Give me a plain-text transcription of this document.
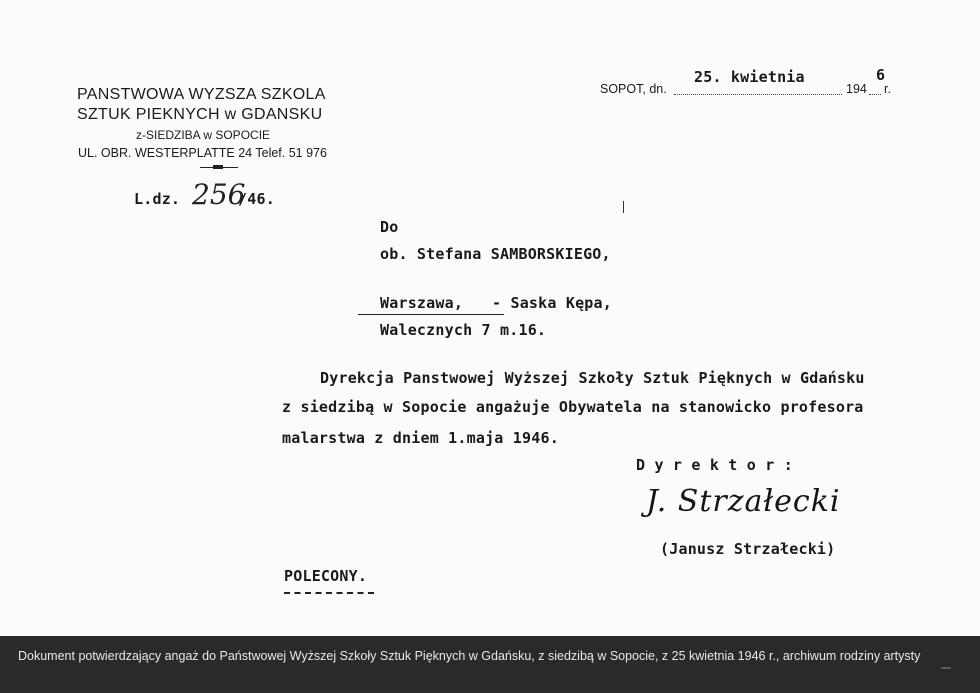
PANSTWOWA WYZSZA SZKOLA
SZTUK PIEKNYCH w GDANSKU
z-SIEDZIBA w SOPOCIE
UL. OBR. WESTERPLATTE 24 Telef. 51 976
SOPOT, dn.
25. kwietnia
194
6
r.
L.dz. 256
/46.
Do
ob. Stefana SAMBORSKIEGO,
Warszawa, - Saska Kępa,
Walecznych 7 m.16.
Dyrekcja Panstwowej Wyższej Szkoły Sztuk Pięknych w Gdańsku
z siedzibą w Sopocie angażuje Obywatela na stanowicko profesora
malarstwa z dniem 1.maja 1946.
D y r e k t o r :
J. Strzałecki
(Janusz Strzałecki)
POLECONY.
Dokument potwierdzający angaż do Państwowej Wyższej Szkoły Sztuk Pięknych w Gdańsku, z siedzibą w Sopocie, z 25 kwietnia 1946 r., archiwum rodziny artysty
